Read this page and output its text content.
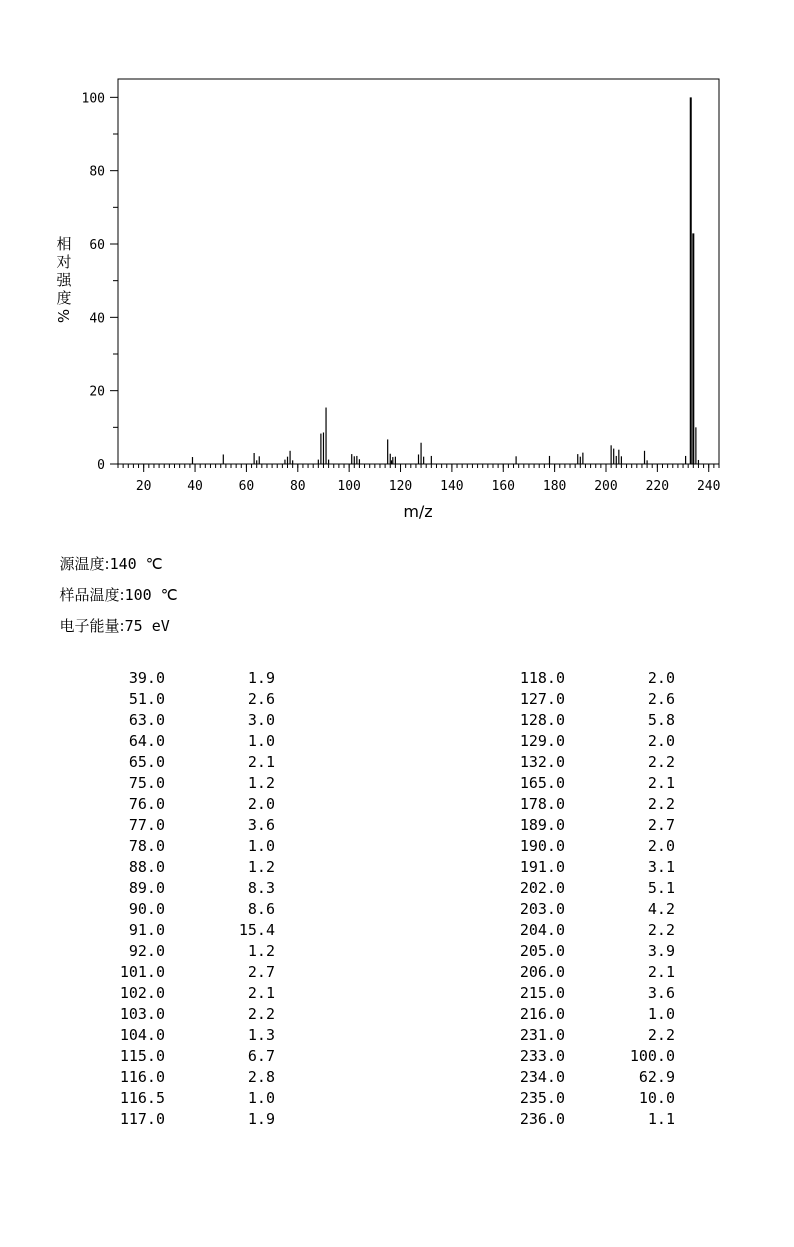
20	40	60	80 100 120 140 160 180 200 220 240
0
20
40
60
80
100
m/z
相
对
强
度
%

源温度:140 ℃

样品温度:100 ℃

电子能量:75 eV

39.0	1.9
51.0	2.6
63.0	3.0
64.0	1.0
65.0	2.1
75.0	1.2
76.0	2.0
77.0	3.6
78.0	1.0
88.0	1.2
89.0	8.3
90.0	8.6
91.0	15.4
92.0	1.2
101.0	2.7
102.0	2.1
103.0	2.2
104.0	1.3
115.0	6.7
116.0	2.8
116.5	1.0
117.0	1.9
118.0	2.0
127.0	2.6
128.0	5.8
129.0	2.0
132.0	2.2
165.0	2.1
178.0	2.2
189.0	2.7
190.0	2.0
191.0	3.1
202.0	5.1
203.0	4.2
204.0	2.2
205.0	3.9
206.0	2.1
215.0	3.6
216.0	1.0
231.0	2.2
233.0	100.0
234.0	62.9
235.0	10.0
236.0	1.1
